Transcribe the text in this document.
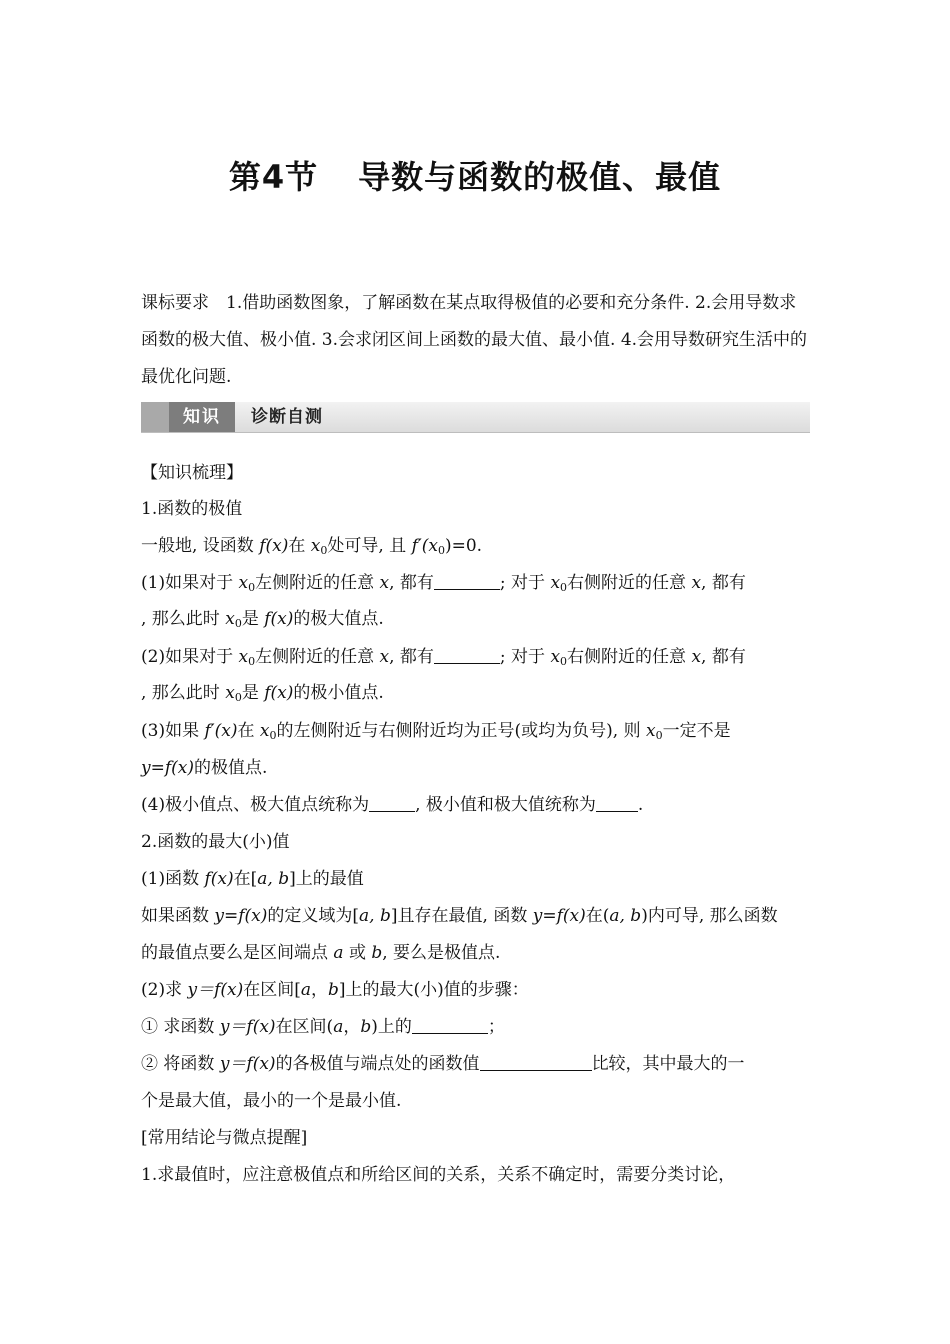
第4节 导数与函数的极值、最值
课标要求　1.借助函数图象，了解函数在某点取得极值的必要和充分条件. 2.会用导数求函数的极大值、极小值. 3.会求闭区间上函数的最大值、最小值. 4.会用导数研究生活中的最优化问题.
知识	诊断自测
【知识梳理】
1.函数的极值
一般地, 设函数 f(x)在 $x_0$处可导, 且 $f'(x_0)=0$.
(1)如果对于 $x_0$左侧附近的任意 x, 都有	; 对于 $x_0$右侧附近的任意 x, 都有
, 那么此时 $x_0$是 f(x)的极大值点.
(2)如果对于 $x_0$左侧附近的任意 x, 都有	; 对于 $x_0$右侧附近的任意 x, 都有
, 那么此时 $x_0$是 f(x)的极小值点.
(3)如果 f′(x)在 $x_0$的左侧附近与右侧附近均为正号(或均为负号), 则 $x_0$一定不是
y=f(x)的极值点.
(4)极小值点、极大值点统称为	, 极小值和极大值统称为 .
2.函数的最大(小)值
(1)函数 f(x)在[a, b]上的最值
如果函数 y=f(x)的定义域为[a, b]且存在最值, 函数 y=f(x)在(a, b)内可导, 那么函数
的最值点要么是区间端点 a 或 b, 要么是极值点.
(2)求 y＝f(x)在区间[a，b]上的最大(小)值的步骤：
① 求函数 y＝f(x)在区间(a，b)上的	；
② 将函数 y＝f(x)的各极值与端点处的函数值	比较，其中最大的一
个是最大值，最小的一个是最小值.
[常用结论与微点提醒]
1.求最值时，应注意极值点和所给区间的关系，关系不确定时，需要分类讨论，
